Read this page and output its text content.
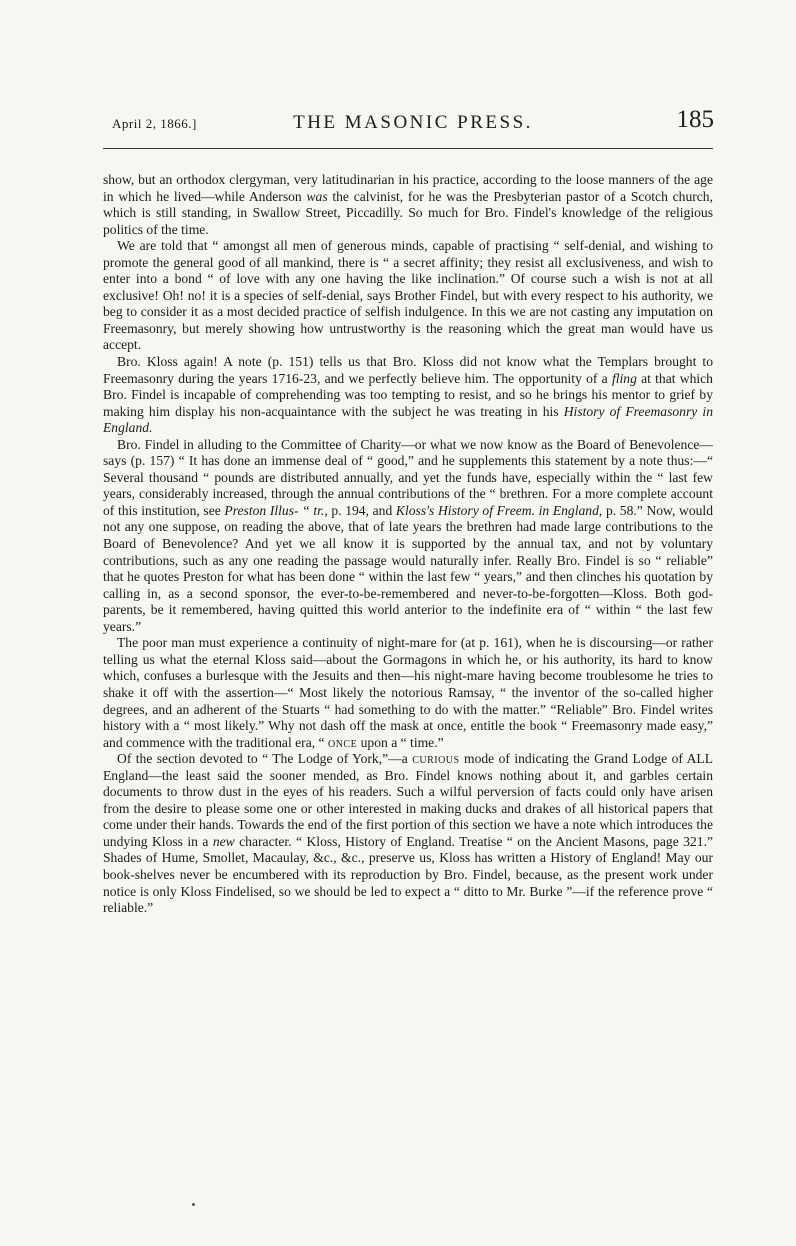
April 2, 1866.]	THE MASONIC PRESS.	185

show, but an orthodox clergyman, very latitudinarian in his practice, according to the loose manners of the age in which he lived—while Anderson was the calvinist, for he was the Presbyterian pastor of a Scotch church, which is still standing, in Swallow Street, Piccadilly. So much for Bro. Findel's knowledge of the religious politics of the time.

We are told that “ amongst all men of generous minds, capable of practising “ self-denial, and wishing to promote the general good of all mankind, there is “ a secret affinity; they resist all exclusiveness, and wish to enter into a bond “ of love with any one having the like inclination.” Of course such a wish is not at all exclusive! Oh! no! it is a species of self-denial, says Brother Findel, but with every respect to his authority, we beg to consider it as a most decided practice of selfish indulgence. In this we are not casting any imputation on Freemasonry, but merely showing how untrustworthy is the reasoning which the great man would have us accept.

Bro. Kloss again! A note (p. 151) tells us that Bro. Kloss did not know what the Templars brought to Freemasonry during the years 1716-23, and we perfectly believe him. The opportunity of a fling at that which Bro. Findel is incapable of comprehending was too tempting to resist, and so he brings his mentor to grief by making him display his non-acquaintance with the subject he was treating in his History of Freemasonry in England.

Bro. Findel in alluding to the Committee of Charity—or what we now know as the Board of Benevolence—says (p. 157) “ It has done an immense deal of “ good,” and he supplements this statement by a note thus:—“ Several thousand “ pounds are distributed annually, and yet the funds have, especially within the “ last few years, considerably increased, through the annual contributions of the “ brethren. For a more complete account of this institution, see Preston Illus- “ tr., p. 194, and Kloss's History of Freem. in England, p. 58.” Now, would not any one suppose, on reading the above, that of late years the brethren had made large contributions to the Board of Benevolence? And yet we all know it is supported by the annual tax, and not by voluntary contributions, such as any one reading the passage would naturally infer. Really Bro. Findel is so “ reliable” that he quotes Preston for what has been done “ within the last few “ years,” and then clinches his quotation by calling in, as a second sponsor, the ever-to-be-remembered and never-to-be-forgotten—Kloss. Both god-parents, be it remembered, having quitted this world anterior to the indefinite era of “ within “ the last few years.”

The poor man must experience a continuity of night-mare for (at p. 161), when he is discoursing—or rather telling us what the eternal Kloss said—about the Gormagons in which he, or his authority, its hard to know which, confuses a burlesque with the Jesuits and then—his night-mare having become troublesome he tries to shake it off with the assertion—“ Most likely the notorious Ramsay, “ the inventor of the so-called higher degrees, and an adherent of the Stuarts “ had something to do with the matter.” “Reliable” Bro. Findel writes history with a “ most likely.” Why not dash off the mask at once, entitle the book “ Freemasonry made easy,” and commence with the traditional era, “ once upon a “ time.”

Of the section devoted to “ The Lodge of York,”—a curious mode of indicating the Grand Lodge of ALL England—the least said the sooner mended, as Bro. Findel knows nothing about it, and garbles certain documents to throw dust in the eyes of his readers. Such a wilful perversion of facts could only have arisen from the desire to please some one or other interested in making ducks and drakes of all historical papers that come under their hands. Towards the end of the first portion of this section we have a note which introduces the undying Kloss in a new character. “ Kloss, History of England. Treatise “ on the Ancient Masons, page 321.” Shades of Hume, Smollet, Macaulay, &c., &c., preserve us, Kloss has written a History of England! May our book-shelves never be encumbered with its reproduction by Bro. Findel, because, as the present work under notice is only Kloss Findelised, so we should be led to expect a “ ditto to Mr. Burke ”—if the reference prove “ reliable.”
